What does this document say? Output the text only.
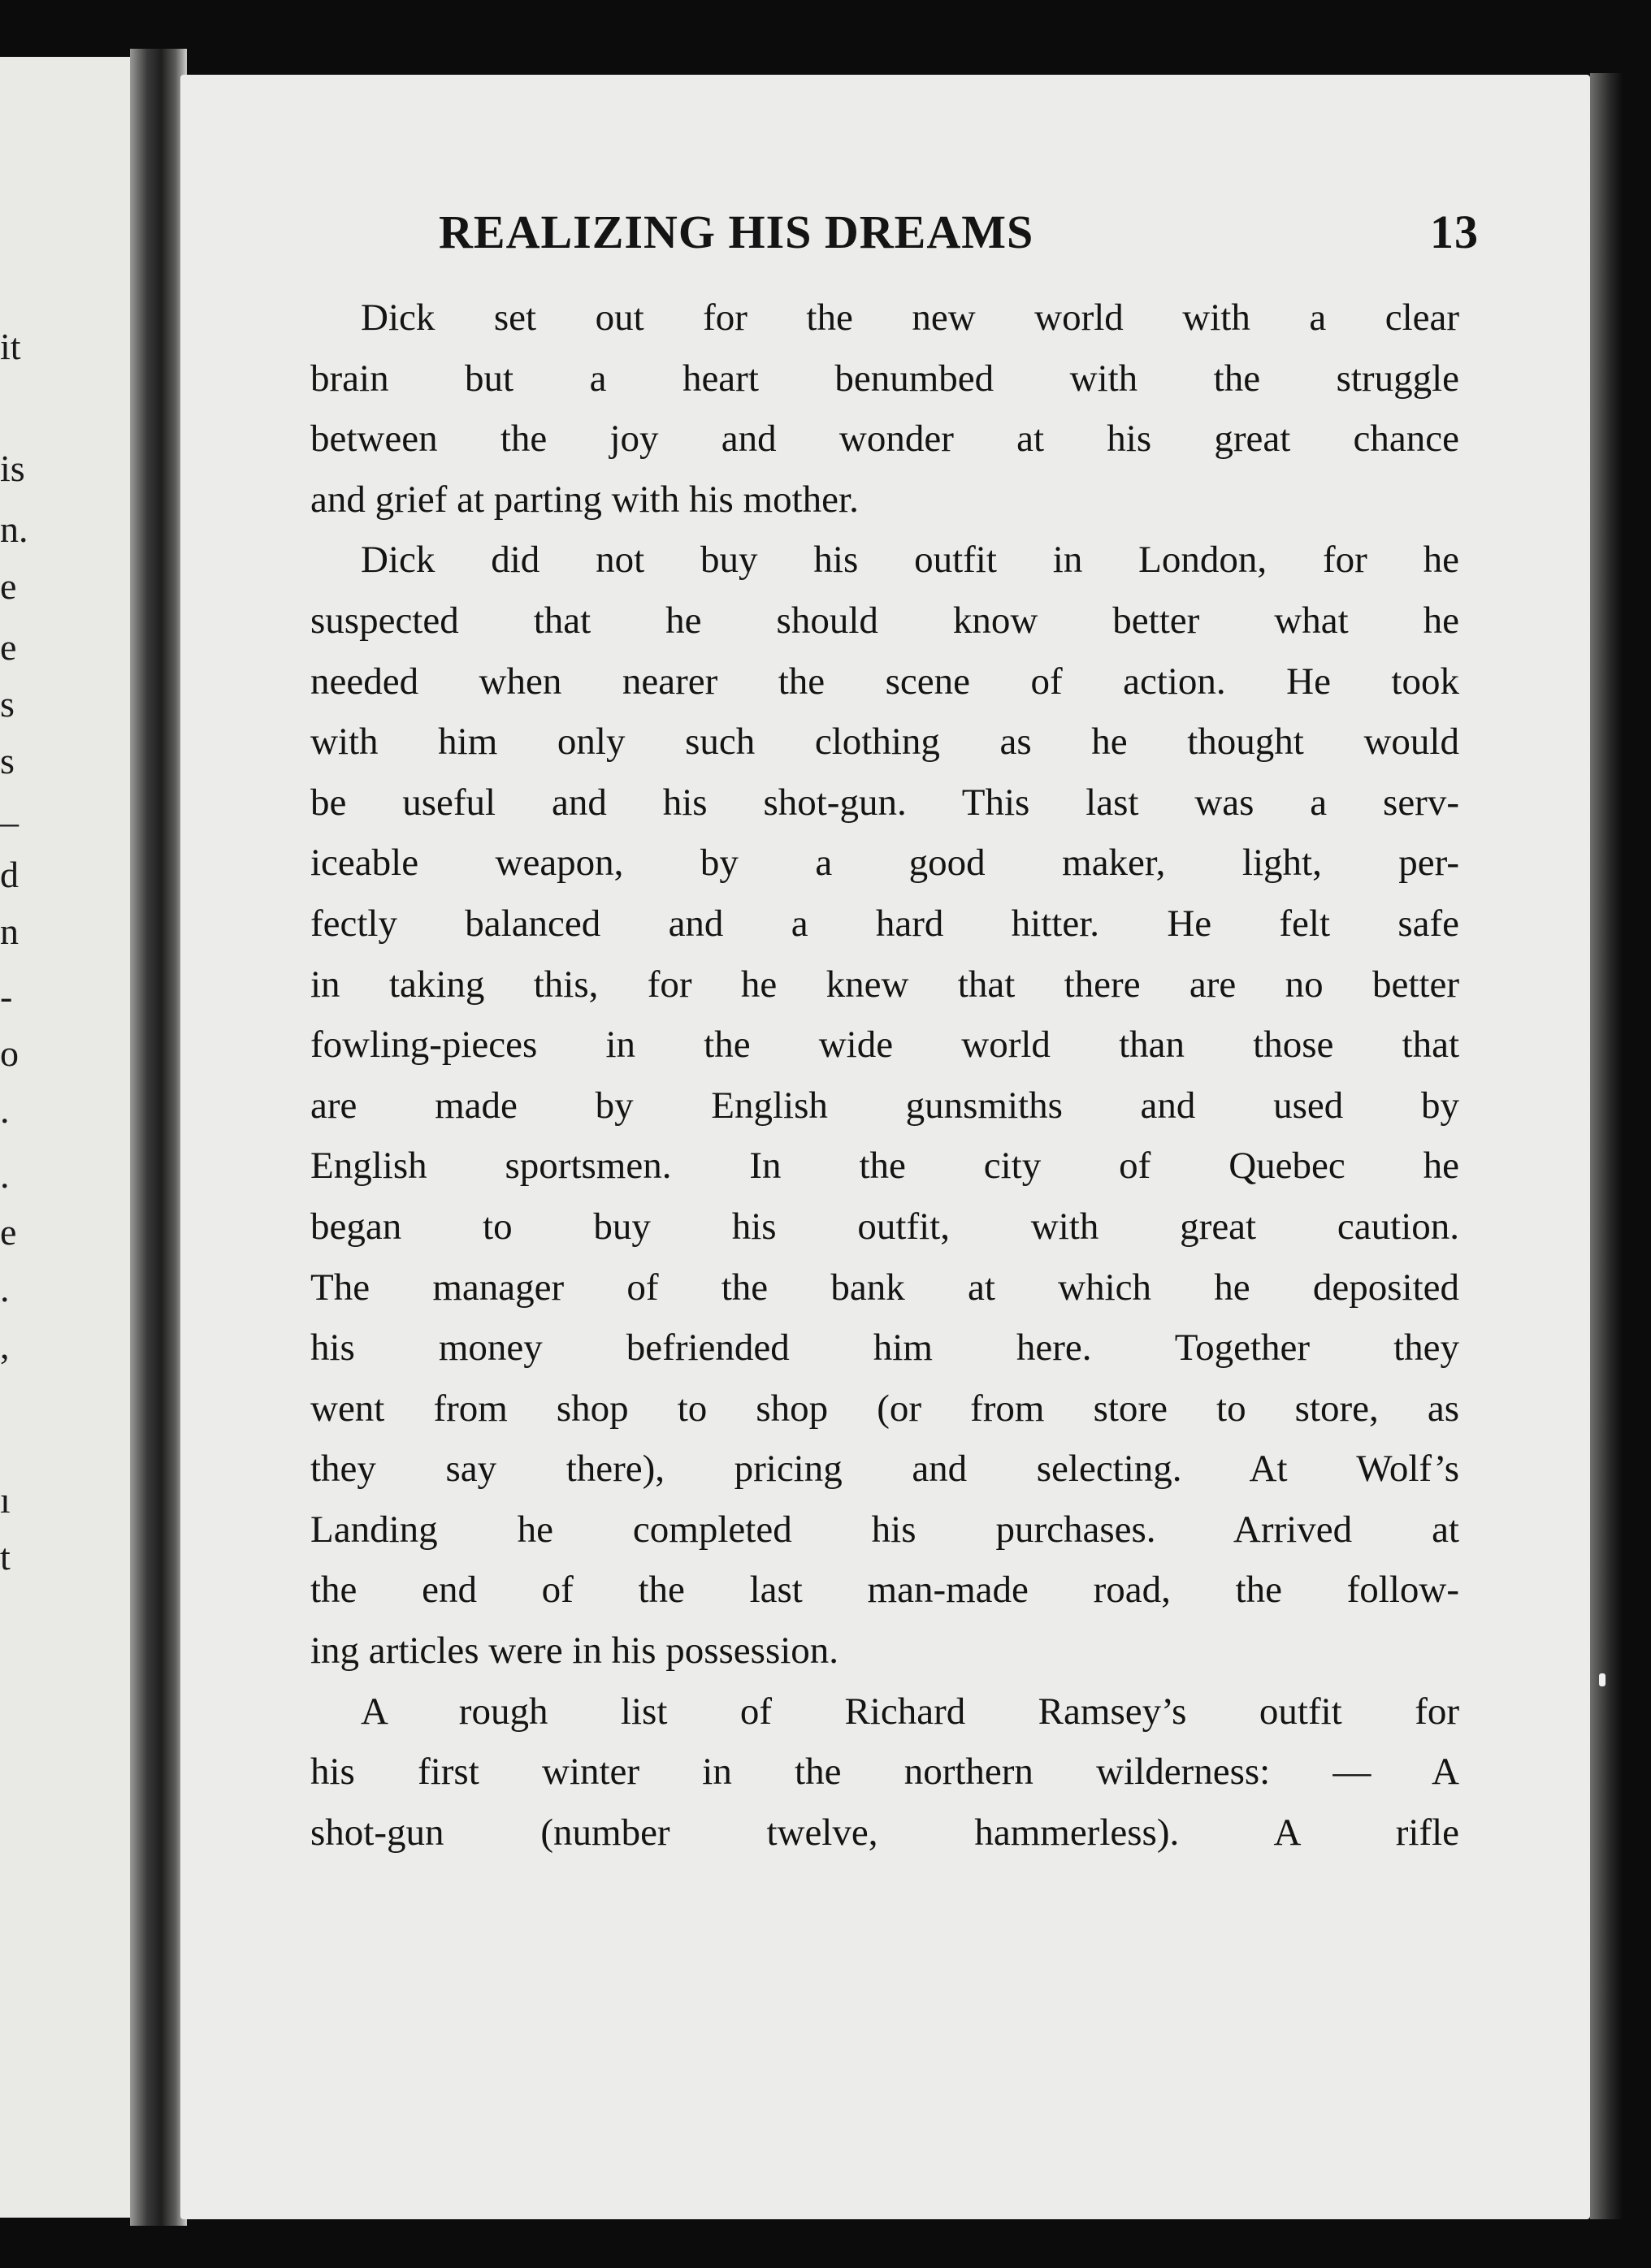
it
is
n.
e
e
s
s
–
d
n
-
o
.
.
e
.
,
ı
t
REALIZING HIS DREAMS	13
Dick set out for the new world with a clear
brain but a heart benumbed with the struggle
between the joy and wonder at his great chance
and grief at parting with his mother.
Dick did not buy his outfit in London, for he
suspected that he should know better what he
needed when nearer the scene of action. He took
with him only such clothing as he thought would
be useful and his shot-gun. This last was a serv-
iceable weapon, by a good maker, light, per-
fectly balanced and a hard hitter. He felt safe
in taking this, for he knew that there are no better
fowling-pieces in the wide world than those that
are made by English gunsmiths and used by
English sportsmen. In the city of Quebec he
began to buy his outfit, with great caution.
The manager of the bank at which he deposited
his money befriended him here. Together they
went from shop to shop (or from store to store, as
they say there), pricing and selecting. At Wolf’s
Landing he completed his purchases. Arrived at
the end of the last man-made road, the follow-
ing articles were in his possession.
A rough list of Richard Ramsey’s outfit for
his first winter in the northern wilderness: — A
shot-gun (number twelve, hammerless). A rifle
